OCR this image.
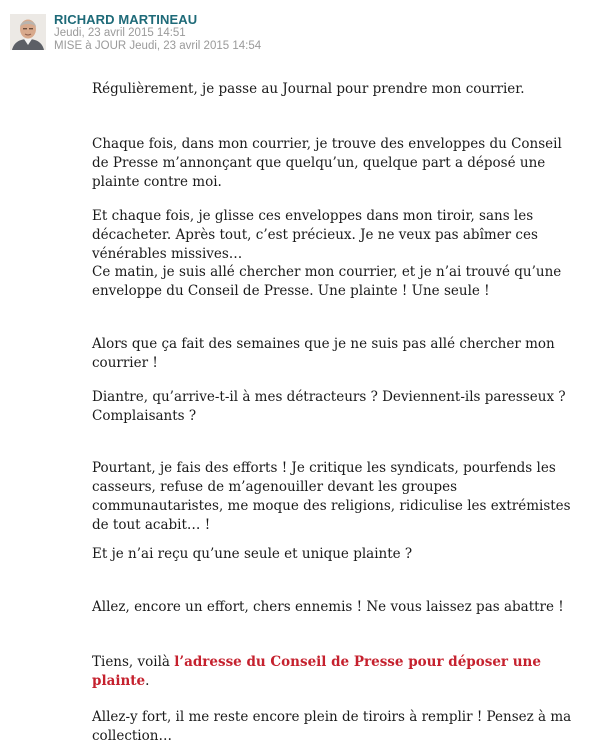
RICHARD MARTINEAU
Jeudi, 23 avril 2015 14:51
MISE à JOUR Jeudi, 23 avril 2015 14:54

Régulièrement, je passe au Journal pour prendre mon courrier.

Chaque fois, dans mon courrier, je trouve des enveloppes du Conseil de Presse m’annonçant que quelqu’un, quelque part a déposé une plainte contre moi.

Et chaque fois, je glisse ces enveloppes dans mon tiroir, sans les décacheter. Après tout, c’est précieux. Je ne veux pas abîmer ces vénérables missives…

Ce matin, je suis allé chercher mon courrier, et je n’ai trouvé qu’une enveloppe du Conseil de Presse. Une plainte ! Une seule !

Alors que ça fait des semaines que je ne suis pas allé chercher mon courrier !

Diantre, qu’arrive-t-il à mes détracteurs ? Deviennent-ils paresseux ? Complaisants ?

Pourtant, je fais des efforts ! Je critique les syndicats, pourfends les casseurs, refuse de m’agenouiller devant les groupes communautaristes, me moque des religions, ridiculise les extrémistes de tout acabit… !

Et je n’ai reçu qu’une seule et unique plainte ?

Allez, encore un effort, chers ennemis ! Ne vous laissez pas abattre !

Tiens, voilà l’adresse du Conseil de Presse pour déposer une plainte.

Allez-y fort, il me reste encore plein de tiroirs à remplir ! Pensez à ma collection…
